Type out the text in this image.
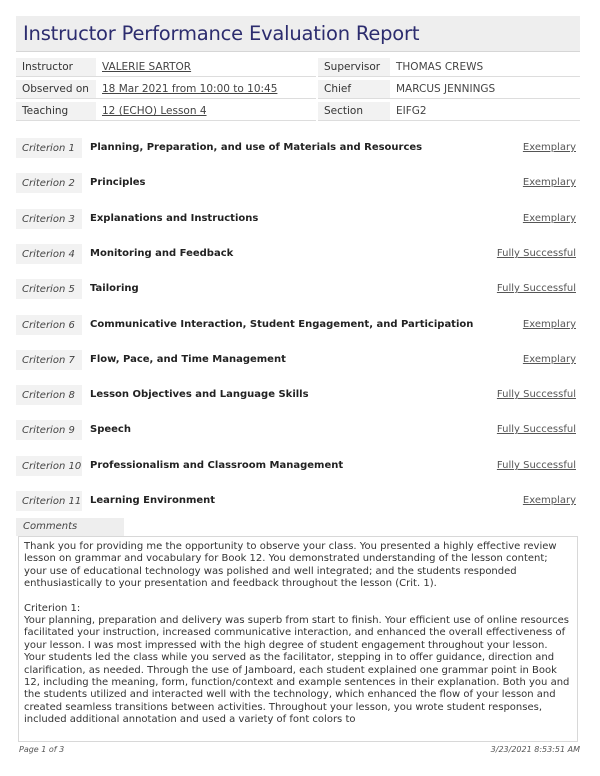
Instructor Performance Evaluation Report
Instructor	VALERIE SARTOR	Supervisor	THOMAS CREWS
Observed on	18 Mar 2021 from 10:00 to 10:45	Chief	MARCUS JENNINGS
Teaching	12 (ECHO) Lesson 4	Section	EIFG2
Criterion 1	Planning, Preparation, and use of Materials and Resources	Exemplary
Criterion 2	Principles	Exemplary
Criterion 3	Explanations and Instructions	Exemplary
Criterion 4	Monitoring and Feedback	Fully Successful
Criterion 5	Tailoring	Fully Successful
Criterion 6	Communicative Interaction, Student Engagement, and Participation	Exemplary
Criterion 7	Flow, Pace, and Time Management	Exemplary
Criterion 8	Lesson Objectives and Language Skills	Fully Successful
Criterion 9	Speech	Fully Successful
Criterion 10 Professionalism and Classroom Management	Fully Successful
Criterion 11 Learning Environment	Exemplary
Comments

Thank you for providing me the opportunity to observe your class. You presented a highly effective review lesson on grammar and vocabulary for Book 12. You demonstrated understanding of the lesson content; your use of educational technology was polished and well integrated; and the students responded enthusiastically to your presentation and feedback throughout the lesson (Crit. 1).

Criterion 1:
Your planning, preparation and delivery was superb from start to finish. Your efficient use of online resources facilitated your instruction, increased communicative interaction, and enhanced the overall effectiveness of your lesson. I was most impressed with the high degree of student engagement throughout your lesson. Your students led the class while you served as the facilitator, stepping in to offer guidance, direction and clarification, as needed. Through the use of Jamboard, each student explained one grammar point in Book 12, including the meaning, form, function/context and example sentences in their explanation. Both you and the students utilized and interacted well with the technology, which enhanced the flow of your lesson and created seamless transitions between activities. Throughout your lesson, you wrote student responses, included additional annotation and used a variety of font colors to

Page 1 of 3	3/23/2021 8:53:51 AM
